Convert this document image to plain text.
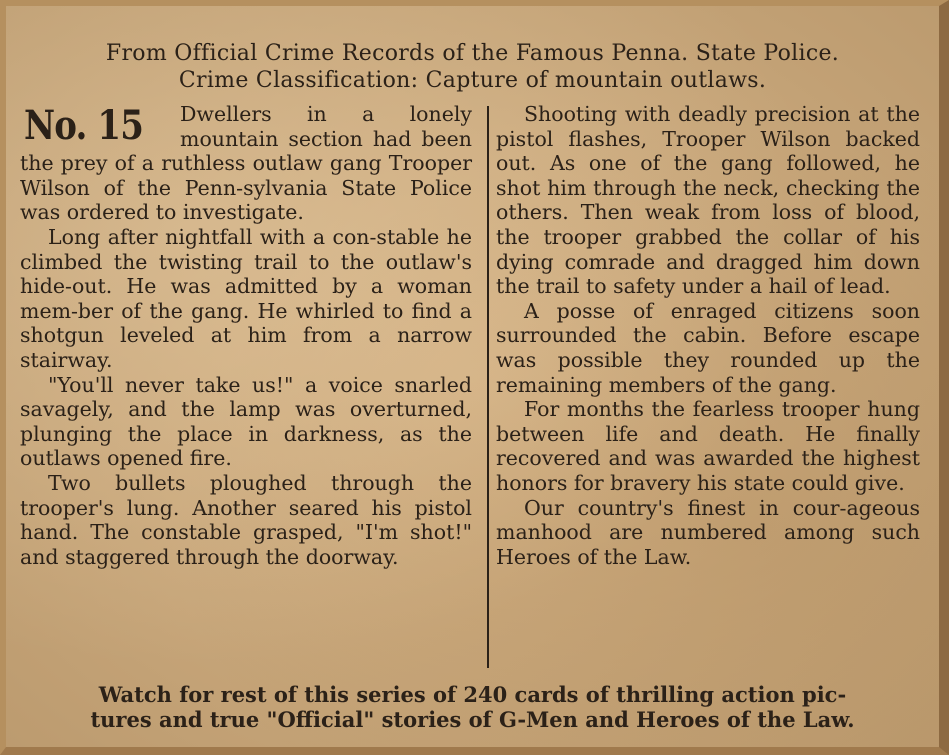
From Official Crime Records of the Famous Penna. State Police.
Crime Classification: Capture of mountain outlaws.
No. 15	Dwellers in a lonely mountain section had been the prey of a ruthless outlaw gang Trooper Wilson of the Penn-sylvania State Police was ordered to investigate.

Long after nightfall with a con-stable he climbed the twisting trail to the outlaw's hide-out. He was admitted by a woman mem-ber of the gang. He whirled to find a shotgun leveled at him from a narrow stairway.

"You'll never take us!" a voice snarled savagely, and the lamp was overturned, plunging the place in darkness, as the outlaws opened fire.

Two bullets ploughed through the trooper's lung. Another seared his pistol hand. The constable grasped, "I'm shot!" and staggered through the doorway.

Shooting with deadly precision at the pistol flashes, Trooper Wilson backed out. As one of the gang followed, he shot him through the neck, checking the others. Then weak from loss of blood, the trooper grabbed the collar of his dying comrade and dragged him down the trail to safety under a hail of lead.

A posse of enraged citizens soon surrounded the cabin. Before escape was possible they rounded up the remaining members of the gang.

For months the fearless trooper hung between life and death. He finally recovered and was awarded the highest honors for bravery his state could give.

Our country's finest in cour-ageous manhood are numbered among such Heroes of the Law.

Watch for rest of this series of 240 cards of thrilling action pic-
tures and true "Official" stories of G-Men and Heroes of the Law.
